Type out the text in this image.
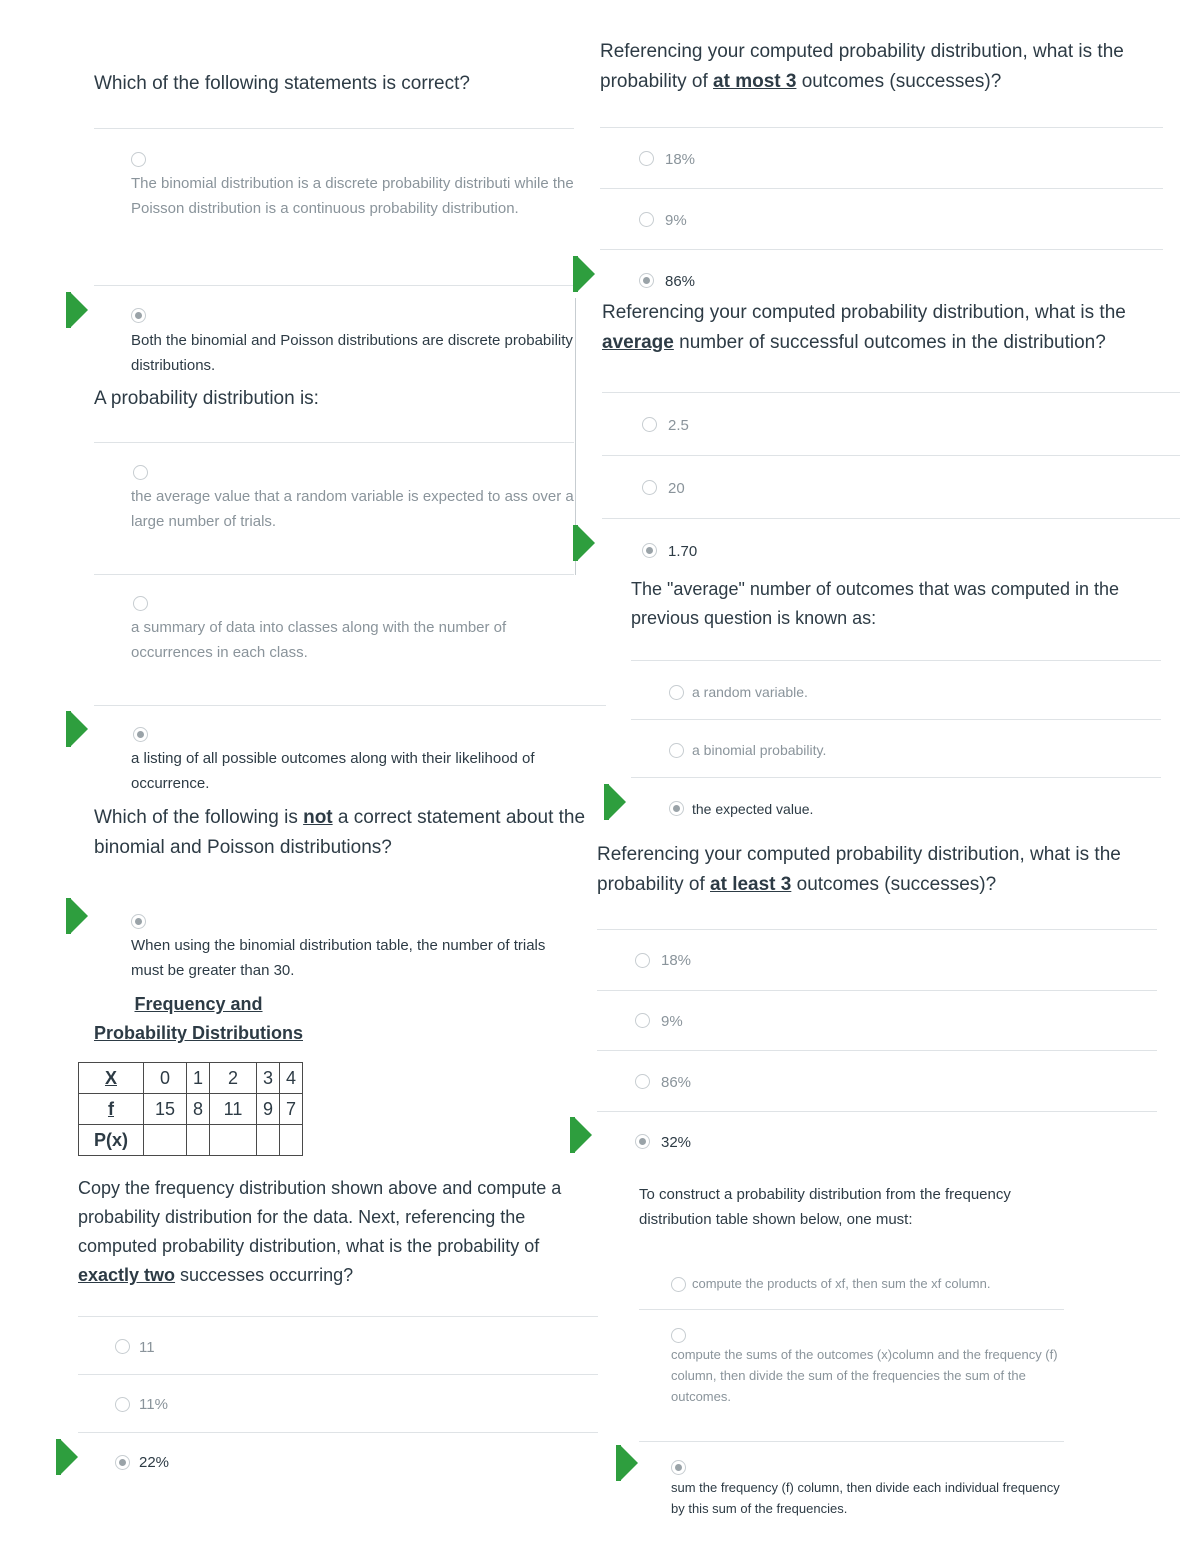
Which of the following statements is correct?
The binomial distribution is a discrete probability distributi while the Poisson distribution is a continuous probability distribution.
Both the binomial and Poisson distributions are discrete probability distributions.
A probability distribution is:
the average value that a random variable is expected to ass over a large number of trials.
a summary of data into classes along with the number of occurrences in each class.
a listing of all possible outcomes along with their likelihood of occurrence.
Which of the following is not a correct statement about the binomial and Poisson distributions?
When using the binomial distribution table, the number of trials must be greater than 30.
Frequency and Probability Distributions
X	0	1	2	3	4
f	15	8	11	9	7
P(x)					
Copy the frequency distribution shown above and compute a probability distribution for the data. Next, referencing the computed probability distribution, what is the probability of exactly two successes occurring?
11
11%
22%
Referencing your computed probability distribution, what is the probability of at most 3 outcomes (successes)?
18%
9%
86%
Referencing your computed probability distribution, what is the average number of successful outcomes in the distribution?
2.5
20
1.70
The "average" number of outcomes that was computed in the previous question is known as:
a random variable.
a binomial probability.
the expected value.
Referencing your computed probability distribution, what is the probability of at least 3 outcomes (successes)?
18%
9%
86%
32%
To construct a probability distribution from the frequency distribution table shown below, one must:
compute the products of xf, then sum the xf column.
compute the sums of the outcomes (x)column and the frequency (f) column, then divide the sum of the frequencies the sum of the outcomes.
sum the frequency (f) column, then divide each individual frequency by this sum of the frequencies.
